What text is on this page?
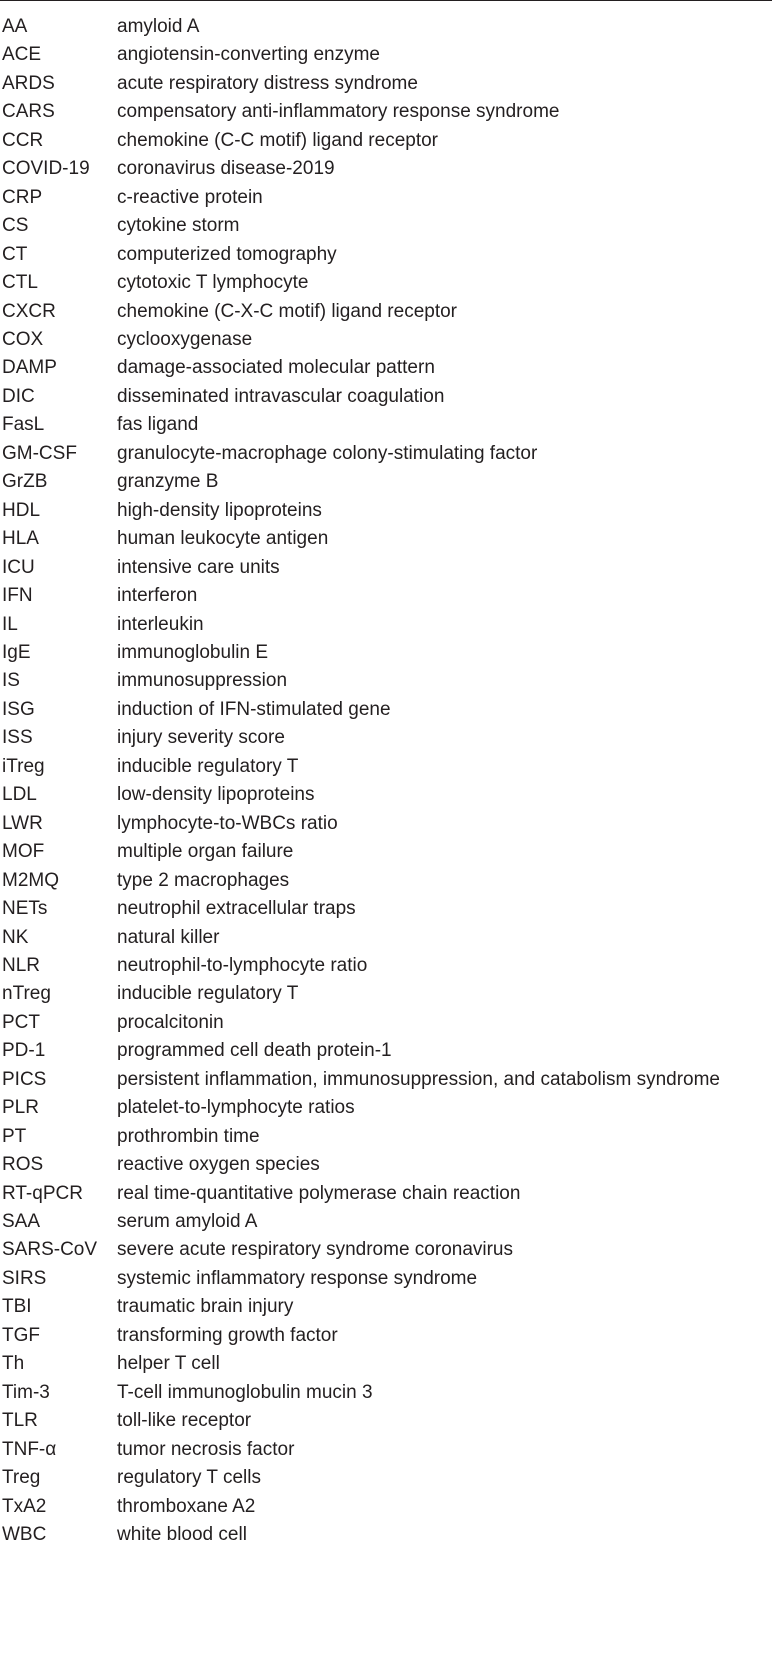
AA	amyloid A
ACE	angiotensin-converting enzyme
ARDS	acute respiratory distress syndrome
CARS	compensatory anti-inflammatory response syndrome
CCR	chemokine (C-C motif) ligand receptor
COVID-19	coronavirus disease-2019
CRP	c-reactive protein
CS	cytokine storm
CT	computerized tomography
CTL	cytotoxic T lymphocyte
CXCR	chemokine (C-X-C motif) ligand receptor
COX	cyclooxygenase
DAMP	damage-associated molecular pattern
DIC	disseminated intravascular coagulation
FasL	fas ligand
GM-CSF	granulocyte-macrophage colony-stimulating factor
GrZB	granzyme B
HDL	high-density lipoproteins
HLA	human leukocyte antigen
ICU	intensive care units
IFN	interferon
IL	interleukin
IgE	immunoglobulin E
IS	immunosuppression
ISG	induction of IFN-stimulated gene
ISS	injury severity score
iTreg	inducible regulatory T
LDL	low-density lipoproteins
LWR	lymphocyte-to-WBCs ratio
MOF	multiple organ failure
M2MQ	type 2 macrophages
NETs	neutrophil extracellular traps
NK	natural killer
NLR	neutrophil-to-lymphocyte ratio
nTreg	inducible regulatory T
PCT	procalcitonin
PD-1	programmed cell death protein-1
PICS	persistent inflammation, immunosuppression, and catabolism syndrome
PLR	platelet-to-lymphocyte ratios
PT	prothrombin time
ROS	reactive oxygen species
RT-qPCR	real time-quantitative polymerase chain reaction
SAA	serum amyloid A
SARS-CoV	severe acute respiratory syndrome coronavirus
SIRS	systemic inflammatory response syndrome
TBI	traumatic brain injury
TGF	transforming growth factor
Th	helper T cell
Tim-3	T-cell immunoglobulin mucin 3
TLR	toll-like receptor
TNF-α	tumor necrosis factor
Treg	regulatory T cells
TxA2	thromboxane A2
WBC	white blood cell
